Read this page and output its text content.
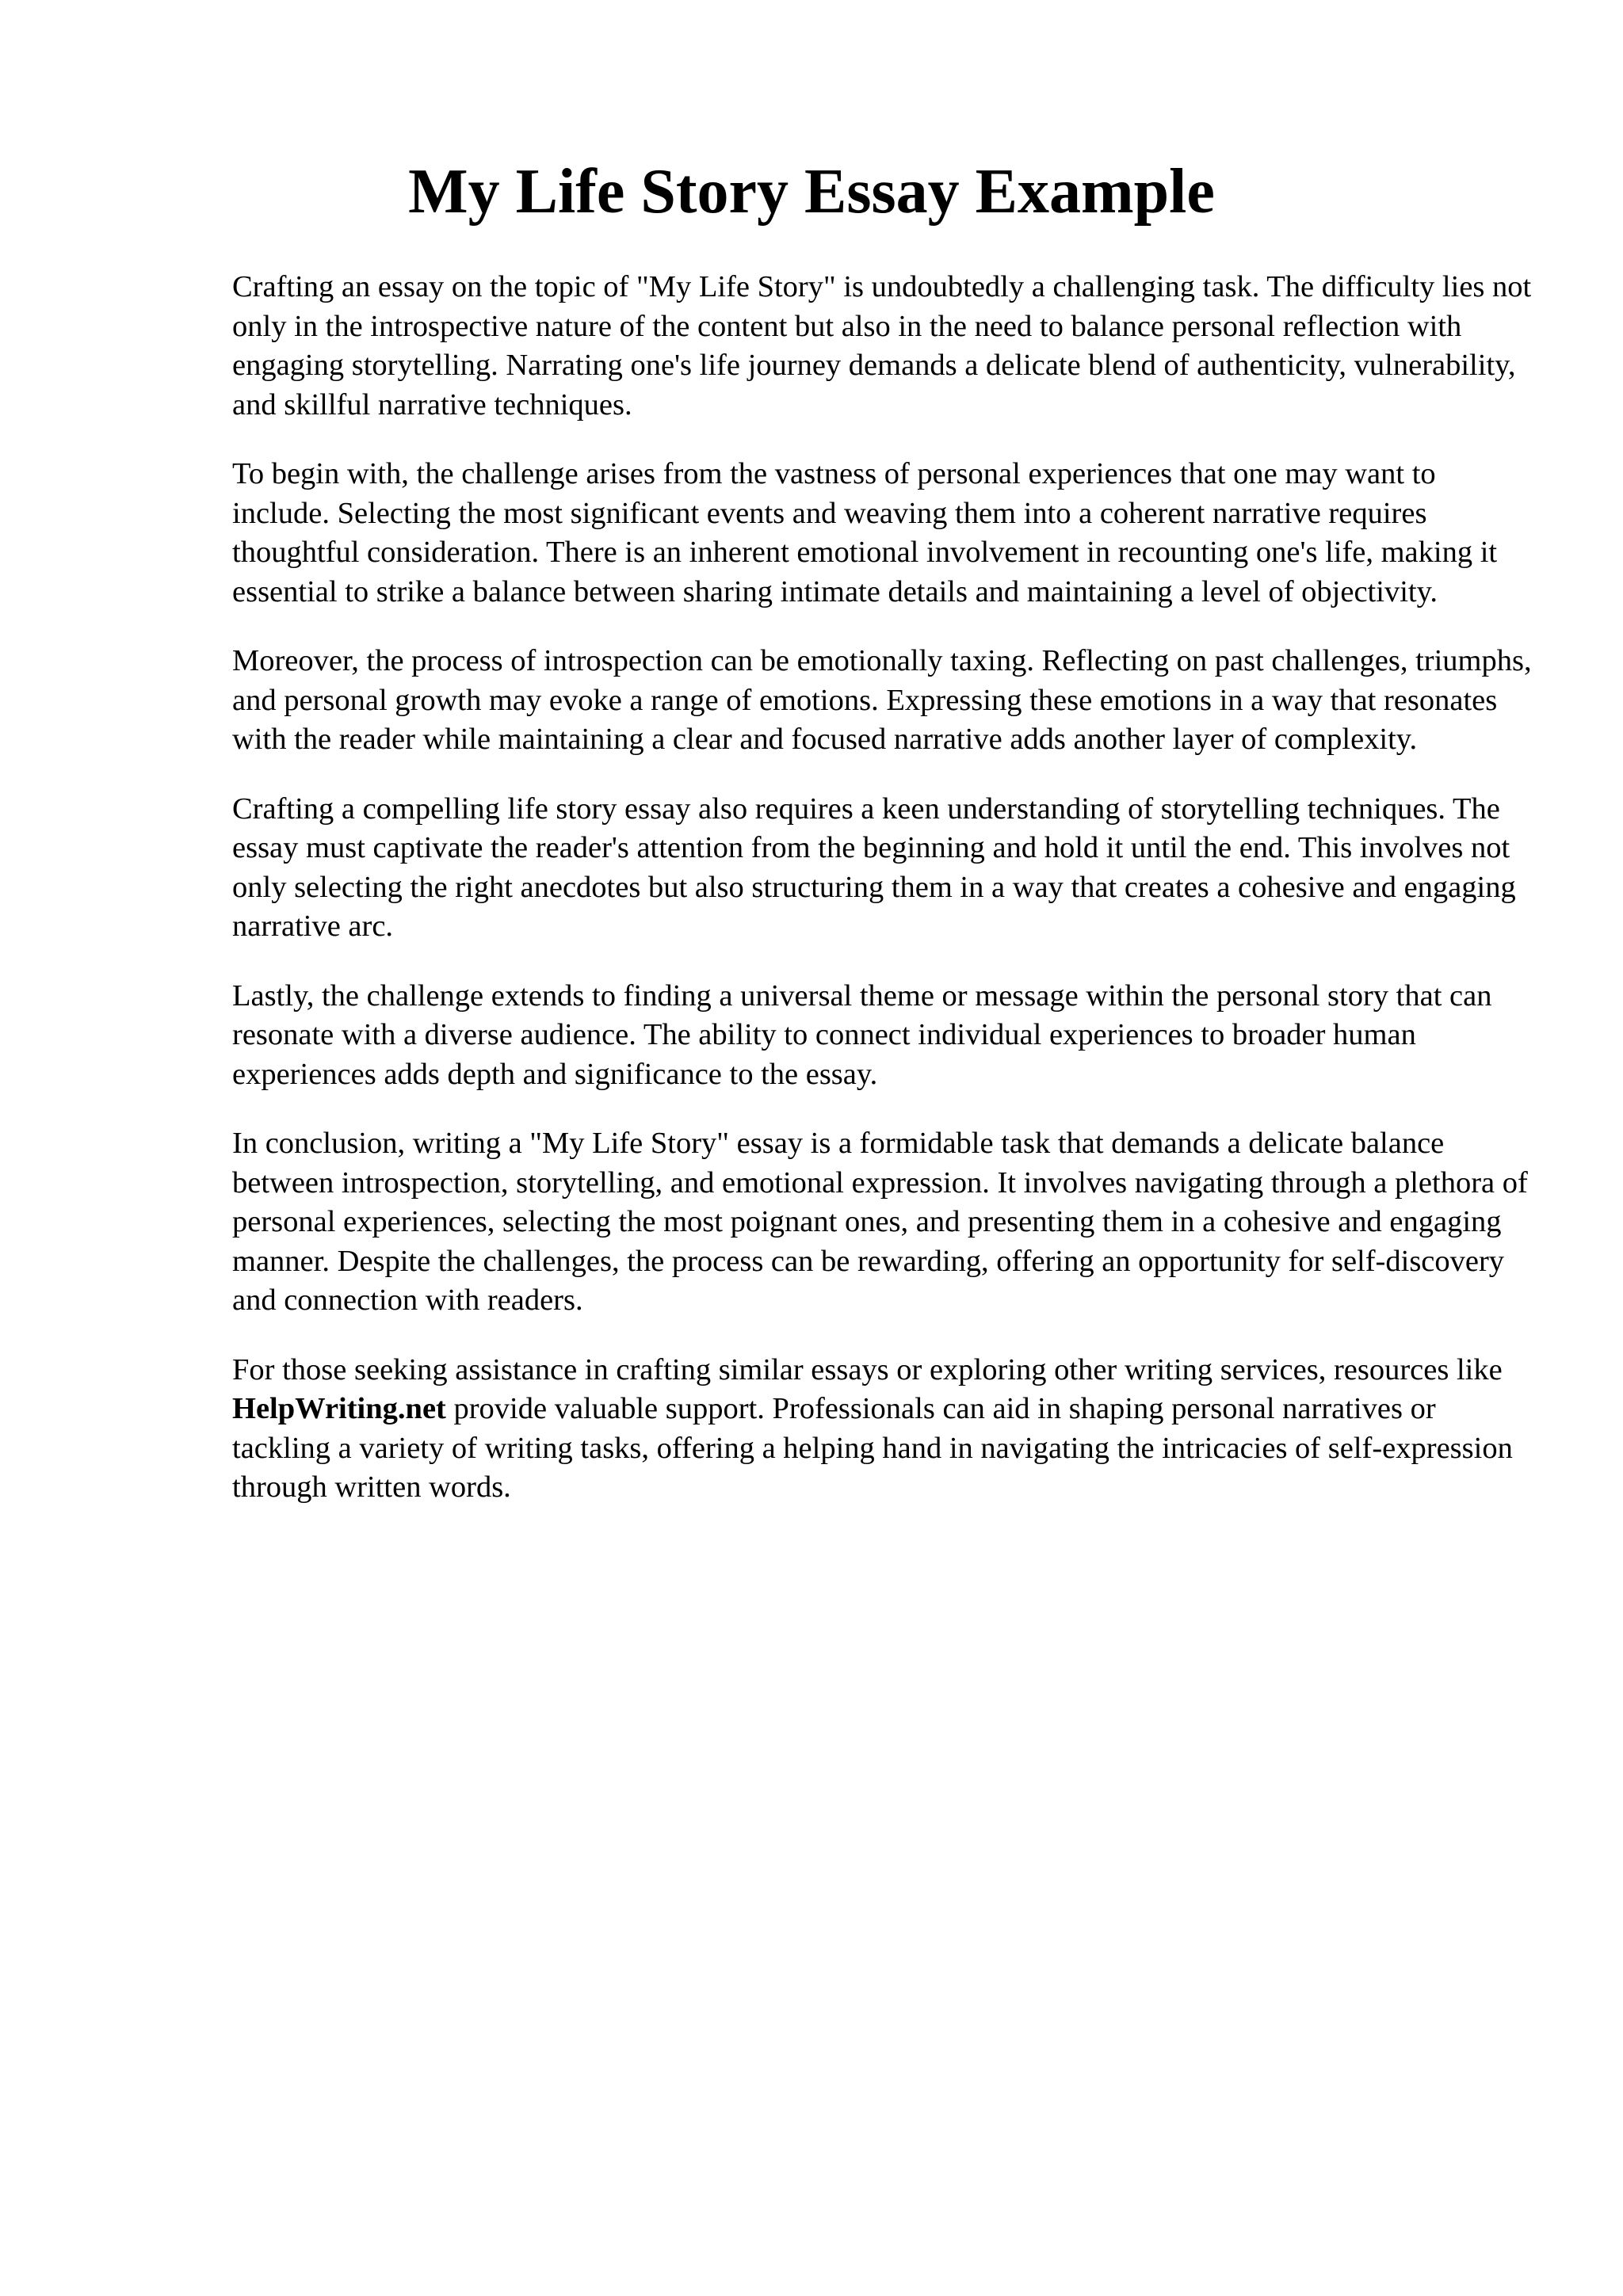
My Life Story Essay Example

Crafting an essay on the topic of "My Life Story" is undoubtedly a challenging task. The difficulty lies not only in the introspective nature of the content but also in the need to balance personal reflection with engaging storytelling. Narrating one's life journey demands a delicate blend of authenticity, vulnerability, and skillful narrative techniques.

To begin with, the challenge arises from the vastness of personal experiences that one may want to include. Selecting the most significant events and weaving them into a coherent narrative requires thoughtful consideration. There is an inherent emotional involvement in recounting one's life, making it essential to strike a balance between sharing intimate details and maintaining a level of objectivity.

Moreover, the process of introspection can be emotionally taxing. Reflecting on past challenges, triumphs, and personal growth may evoke a range of emotions. Expressing these emotions in a way that resonates with the reader while maintaining a clear and focused narrative adds another layer of complexity.

Crafting a compelling life story essay also requires a keen understanding of storytelling techniques. The essay must captivate the reader's attention from the beginning and hold it until the end. This involves not only selecting the right anecdotes but also structuring them in a way that creates a cohesive and engaging narrative arc.

Lastly, the challenge extends to finding a universal theme or message within the personal story that can resonate with a diverse audience. The ability to connect individual experiences to broader human experiences adds depth and significance to the essay.

In conclusion, writing a "My Life Story" essay is a formidable task that demands a delicate balance between introspection, storytelling, and emotional expression. It involves navigating through a plethora of personal experiences, selecting the most poignant ones, and presenting them in a cohesive and engaging manner. Despite the challenges, the process can be rewarding, offering an opportunity for self-discovery and connection with readers.

For those seeking assistance in crafting similar essays or exploring other writing services, resources like HelpWriting.net provide valuable support. Professionals can aid in shaping personal narratives or tackling a variety of writing tasks, offering a helping hand in navigating the intricacies of self-expression through written words.
